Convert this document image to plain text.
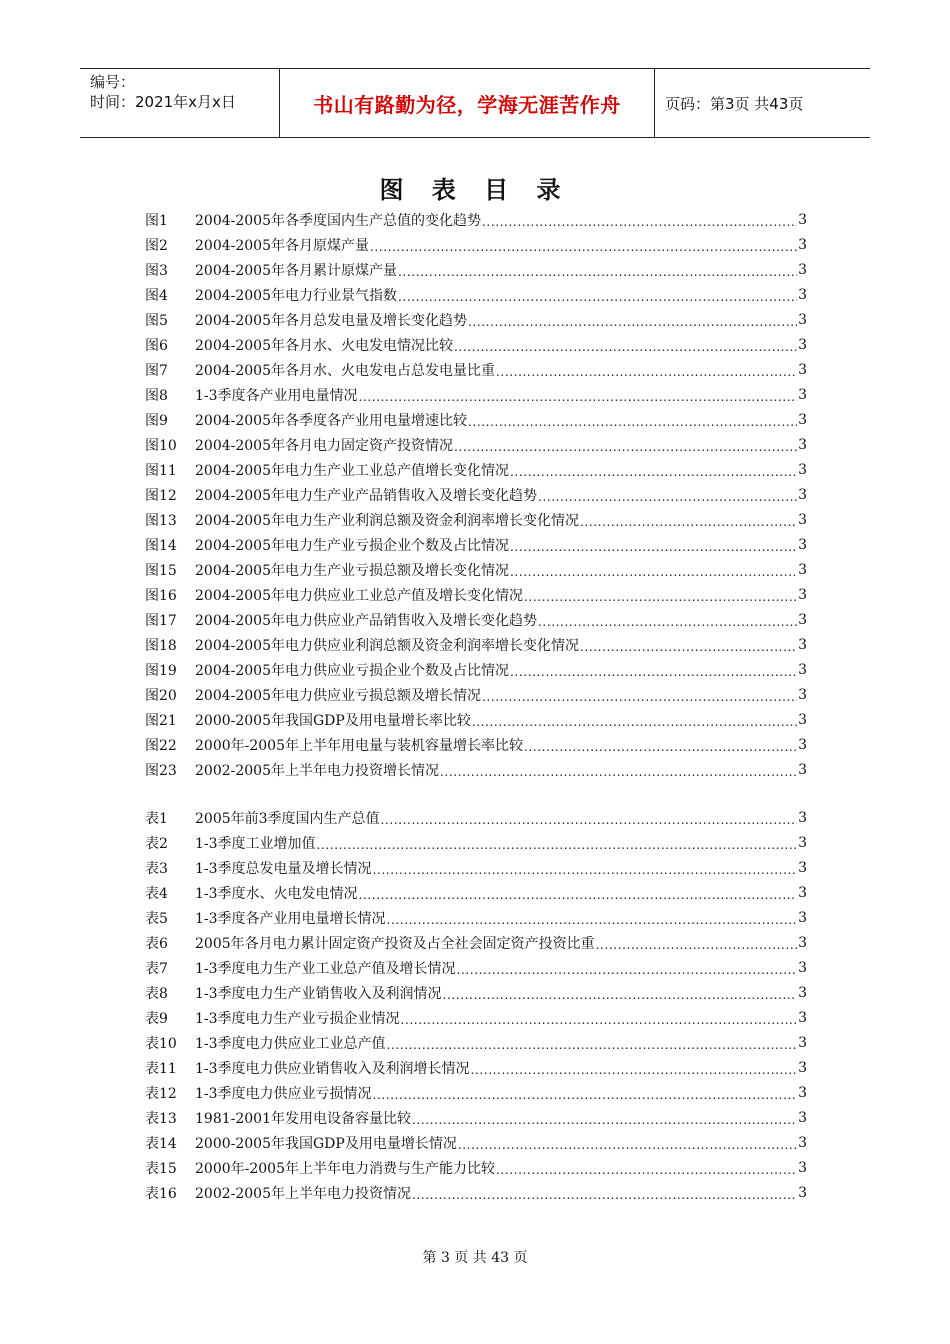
编号：
时间：2021年x月x日	书山有路勤为径，学海无涯苦作舟	页码：第3页 共43页
图 表 目 录
图1	2004-2005年各季度国内生产总值的变化趋势 .....	3
图2	2004-2005年各月原煤产量 .....	3
图3	2004-2005年各月累计原煤产量 .....	3
图4	2004-2005年电力行业景气指数 .....	3
图5	2004-2005年各月总发电量及增长变化趋势 .....	3
图6	2004-2005年各月水、火电发电情况比较 .....	3
图7	2004-2005年各月水、火电发电占总发电量比重 .....	3
图8	1-3季度各产业用电量情况 .....	3
图9	2004-2005年各季度各产业用电量增速比较 .....	3
图10	2004-2005年各月电力固定资产投资情况 .....	3
图11	2004-2005年电力生产业工业总产值增长变化情况 .....	3
图12	2004-2005年电力生产业产品销售收入及增长变化趋势 .....	3
图13	2004-2005年电力生产业利润总额及资金利润率增长变化情况 .....	3
图14	2004-2005年电力生产业亏损企业个数及占比情况 .....	3
图15	2004-2005年电力生产业亏损总额及增长变化情况 .....	3
图16	2004-2005年电力供应业工业总产值及增长变化情况 .....	3
图17	2004-2005年电力供应业产品销售收入及增长变化趋势 .....	3
图18	2004-2005年电力供应业利润总额及资金利润率增长变化情况 .....	3
图19	2004-2005年电力供应业亏损企业个数及占比情况 .....	3
图20	2004-2005年电力供应业亏损总额及增长情况 .....	3
图21	2000-2005年我国GDP及用电量增长率比较 .....	3
图22	2000年-2005年上半年用电量与装机容量增长率比较 .....	3
图23	2002-2005年上半年电力投资增长情况 .....	3
表1	2005年前3季度国内生产总值 .....	3
表2	1-3季度工业增加值 .....	3
表3	1-3季度总发电量及增长情况 .....	3
表4	1-3季度水、火电发电情况 .....	3
表5	1-3季度各产业用电量增长情况 .....	3
表6	2005年各月电力累计固定资产投资及占全社会固定资产投资比重 .....	3
表7	1-3季度电力生产业工业总产值及增长情况 .....	3
表8	1-3季度电力生产业销售收入及利润情况 .....	3
表9	1-3季度电力生产业亏损企业情况 .....	3
表10	1-3季度电力供应业工业总产值 .....	3
表11	1-3季度电力供应业销售收入及利润增长情况 .....	3
表12	1-3季度电力供应业亏损情况 .....	3
表13	1981-2001年发用电设备容量比较 .....	3
表14	2000-2005年我国GDP及用电量增长情况 .....	3
表15	2000年-2005年上半年电力消费与生产能力比较 .....	3
表16	2002-2005年上半年电力投资情况 .....	3
第 3 页 共 43 页
